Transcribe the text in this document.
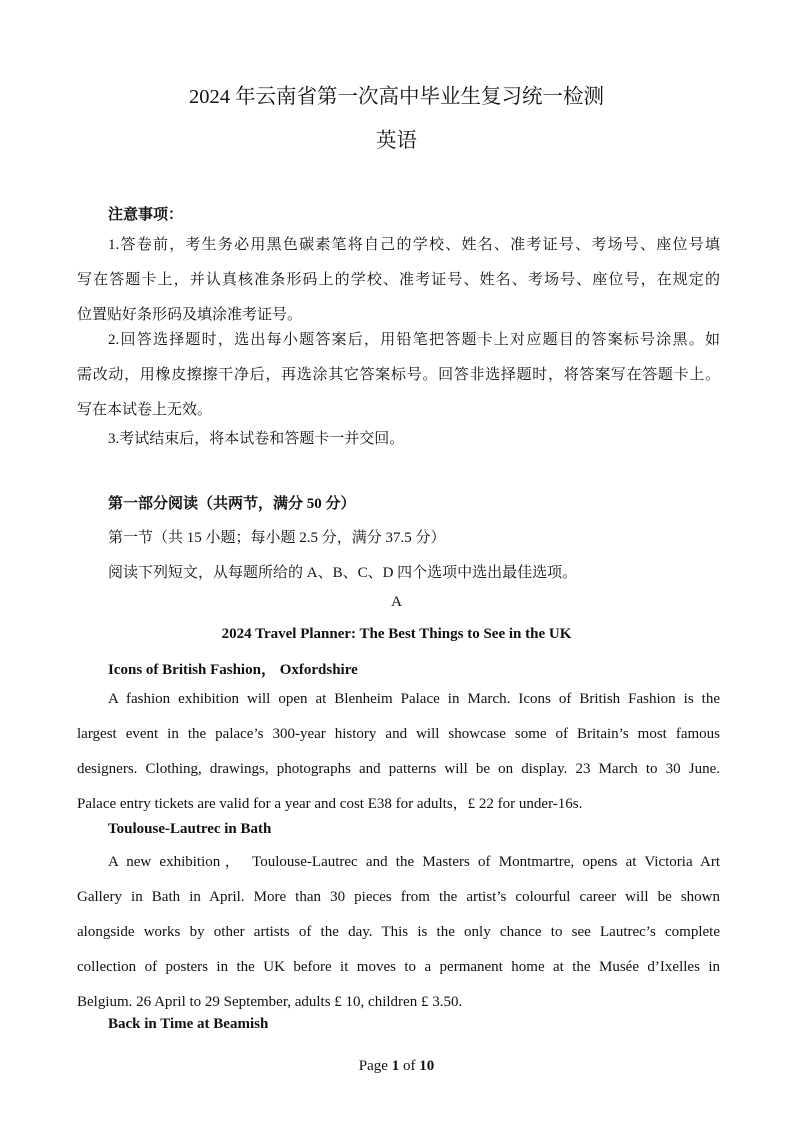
2024 年云南省第一次高中毕业生复习统一检测
英语
注意事项：
1.答卷前，考生务必用黑色碳素笔将自己的学校、姓名、准考证号、考场号、座位号填
写在答题卡上，并认真核准条形码上的学校、准考证号、姓名、考场号、座位号，在规定的
位置贴好条形码及填涂准考证号。
2.回答选择题时，选出每小题答案后，用铅笔把答题卡上对应题目的答案标号涂黑。如
需改动，用橡皮擦擦干净后，再选涂其它答案标号。回答非选择题时，将答案写在答题卡上。
写在本试卷上无效。
3.考试结束后，将本试卷和答题卡一并交回。
第一部分阅读（共两节，满分 50 分）
第一节（共 15 小题；每小题 2.5 分，满分 37.5 分）
阅读下列短文，从每题所给的 A、B、C、D 四个选项中选出最佳选项。
A
2024 Travel Planner: The Best Things to See in the UK
Icons of British Fashion， Oxfordshire
A fashion exhibition will open at Blenheim Palace in March. Icons of British Fashion is the
largest event in the palace’s 300-year history and will showcase some of Britain’s most famous
designers. Clothing, drawings, photographs and patterns will be on display. 23 March to 30 June.
Palace entry tickets are valid for a year and cost E38 for adults，£ 22 for under-16s.
Toulouse-Lautrec in Bath
A new exhibition， Toulouse-Lautrec and the Masters of Montmartre, opens at Victoria Art
Gallery in Bath in April. More than 30 pieces from the artist’s colourful career will be shown
alongside works by other artists of the day. This is the only chance to see Lautrec’s complete
collection of posters in the UK before it moves to a permanent home at the Musée d’Ixelles in
Belgium. 26 April to 29 September, adults £ 10, children £ 3.50.
Back in Time at Beamish
Page 1 of 10
